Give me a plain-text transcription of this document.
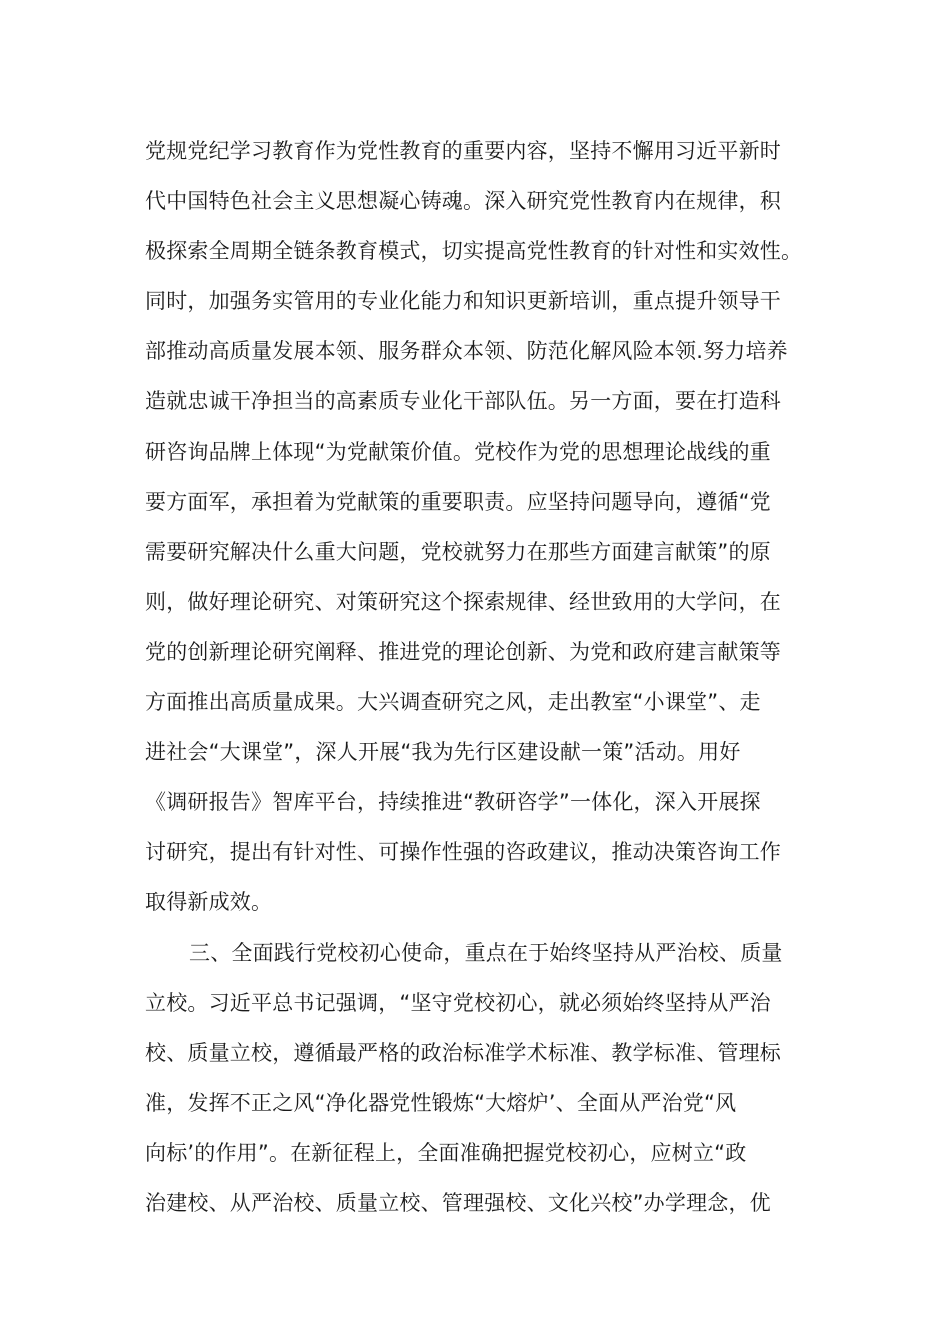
党规党纪学习教育作为党性教育的重要内容，坚持不懈用习近平新时
代中国特色社会主义思想凝心铸魂。深入研究党性教育内在规律，积
极探索全周期全链条教育模式，切实提高党性教育的针对性和实效性。
同时，加强务实管用的专业化能力和知识更新培训，重点提升领导干
部推动高质量发展本领、服务群众本领、防范化解风险本领.努力培养
造就忠诚干净担当的高素质专业化干部队伍。另一方面，要在打造科
研咨询品牌上体现“为党献策价值。党校作为党的思想理论战线的重
要方面军，承担着为党献策的重要职责。应坚持问题导向，遵循“党
需要研究解决什么重大问题，党校就努力在那些方面建言献策”的原
则，做好理论研究、对策研究这个探索规律、经世致用的大学问，在
党的创新理论研究阐释、推进党的理论创新、为党和政府建言献策等
方面推出高质量成果。大兴调查研究之风，走出教室“小课堂”、走
进社会“大课堂”，深人开展“我为先行区建设献一策”活动。用好
《调研报告》智库平台，持续推进“教研咨学”一体化，深入开展探
讨研究，提出有针对性、可操作性强的咨政建议，推动决策咨询工作
取得新成效。
三、全面践行党校初心使命，重点在于始终坚持从严治校、质量
立校。习近平总书记强调，“坚守党校初心，就必须始终坚持从严治
校、质量立校，遵循最严格的政治标准学术标准、教学标准、管理标
准，发挥不正之风“净化器党性锻炼“大熔炉’、全面从严治党“风
向标’的作用”。在新征程上，全面准确把握党校初心，应树立“政
治建校、从严治校、质量立校、管理强校、文化兴校”办学理念，优
